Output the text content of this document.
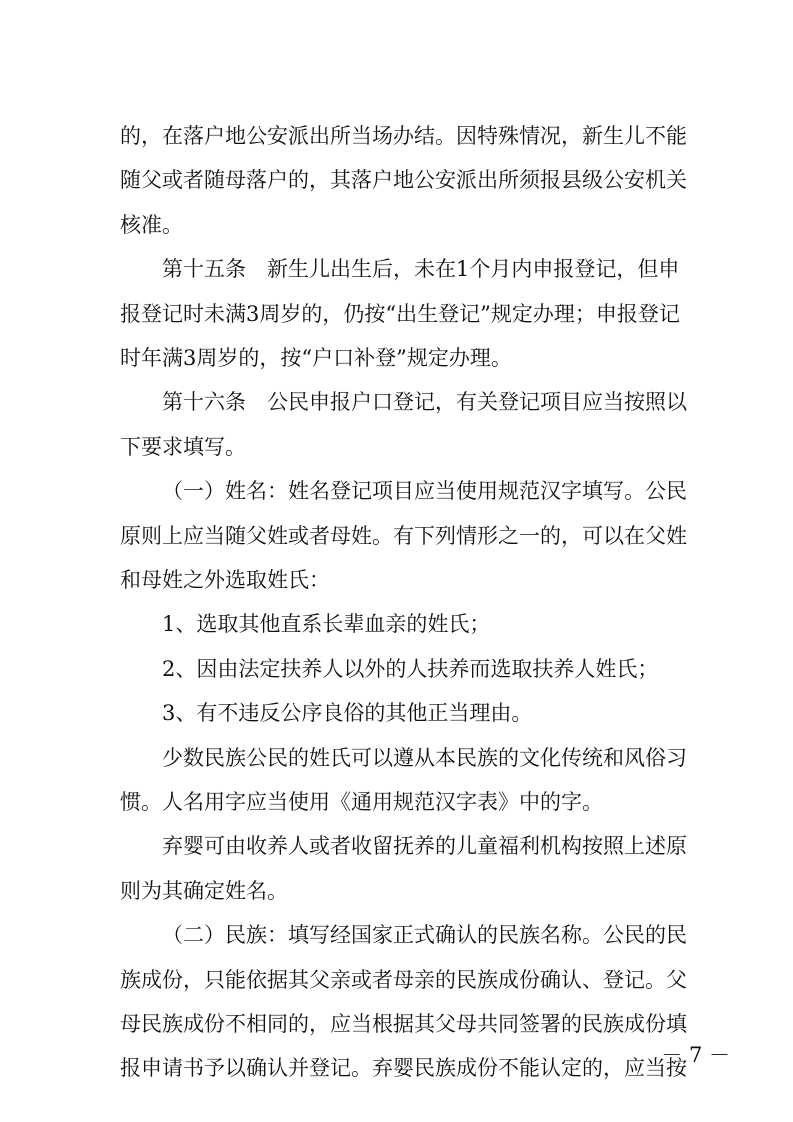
的，在落户地公安派出所当场办结。因特殊情况，新生儿不能
随父或者随母落户的，其落户地公安派出所须报县级公安机关
核准。
第十五条　新生儿出生后，未在1个月内申报登记，但申
报登记时未满3周岁的，仍按“出生登记”规定办理；申报登记
时年满3周岁的，按“户口补登”规定办理。
第十六条　公民申报户口登记，有关登记项目应当按照以
下要求填写。
（一）姓名：姓名登记项目应当使用规范汉字填写。公民
原则上应当随父姓或者母姓。有下列情形之一的，可以在父姓
和母姓之外选取姓氏：
1、选取其他直系长辈血亲的姓氏；
2、因由法定扶养人以外的人扶养而选取扶养人姓氏；
3、有不违反公序良俗的其他正当理由。
少数民族公民的姓氏可以遵从本民族的文化传统和风俗习
惯。人名用字应当使用《通用规范汉字表》中的字。
弃婴可由收养人或者收留抚养的儿童福利机构按照上述原
则为其确定姓名。
（二）民族：填写经国家正式确认的民族名称。公民的民
族成份，只能依据其父亲或者母亲的民族成份确认、登记。父
母民族成份不相同的，应当根据其父母共同签署的民族成份填
报申请书予以确认并登记。弃婴民族成份不能认定的，应当按
－ 7 －
